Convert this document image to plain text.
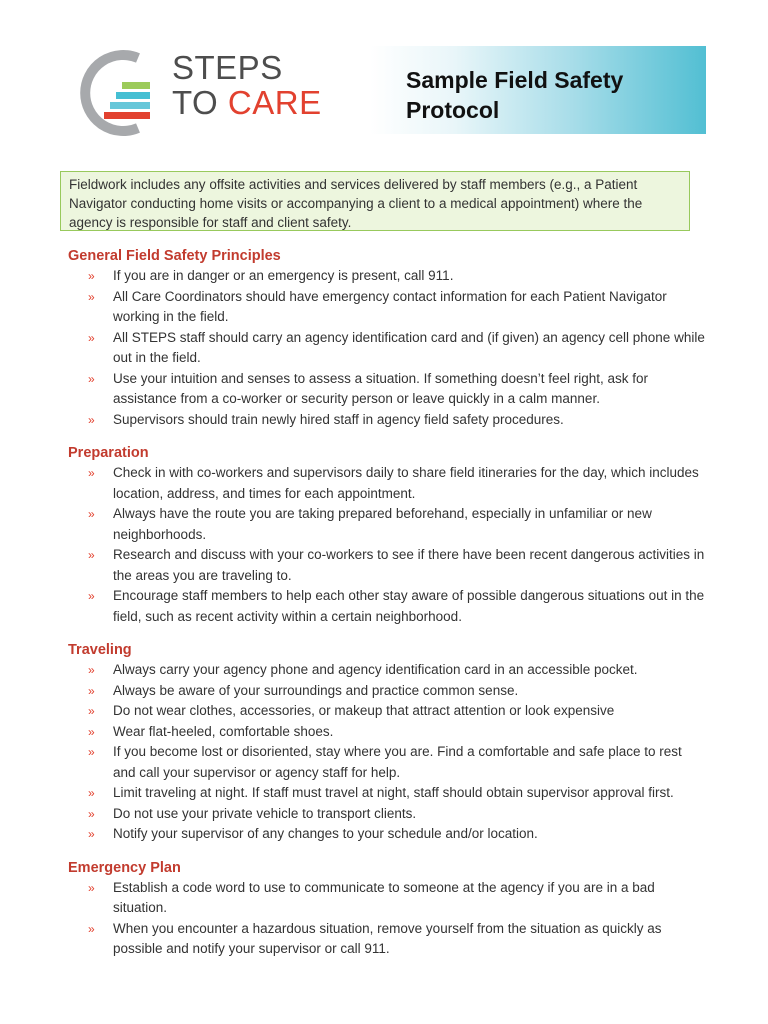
STEPS
TO CARE
Sample Field Safety Protocol
Fieldwork includes any offsite activities and services delivered by staff members (e.g., a Patient Navigator conducting home visits or accompanying a client to a medical appointment) where the agency is responsible for staff and client safety.
General Field Safety Principles
» If you are in danger or an emergency is present, call 911.
» All Care Coordinators should have emergency contact information for each Patient Navigator working in the field.
» All STEPS staff should carry an agency identification card and (if given) an agency cell phone while out in the field.
» Use your intuition and senses to assess a situation. If something doesn’t feel right, ask for assistance from a co-worker or security person or leave quickly in a calm manner.
» Supervisors should train newly hired staff in agency field safety procedures.
Preparation
» Check in with co-workers and supervisors daily to share field itineraries for the day, which includes location, address, and times for each appointment.
» Always have the route you are taking prepared beforehand, especially in unfamiliar or new neighborhoods.
» Research and discuss with your co-workers to see if there have been recent dangerous activities in the areas you are traveling to.
» Encourage staff members to help each other stay aware of possible dangerous situations out in the field, such as recent activity within a certain neighborhood.
Traveling
» Always carry your agency phone and agency identification card in an accessible pocket.
» Always be aware of your surroundings and practice common sense.
» Do not wear clothes, accessories, or makeup that attract attention or look expensive
» Wear flat-heeled, comfortable shoes.
» If you become lost or disoriented, stay where you are. Find a comfortable and safe place to rest and call your supervisor or agency staff for help.
» Limit traveling at night. If staff must travel at night, staff should obtain supervisor approval first.
» Do not use your private vehicle to transport clients.
» Notify your supervisor of any changes to your schedule and/or location.
Emergency Plan
» Establish a code word to use to communicate to someone at the agency if you are in a bad situation.
» When you encounter a hazardous situation, remove yourself from the situation as quickly as possible and notify your supervisor or call 911.
